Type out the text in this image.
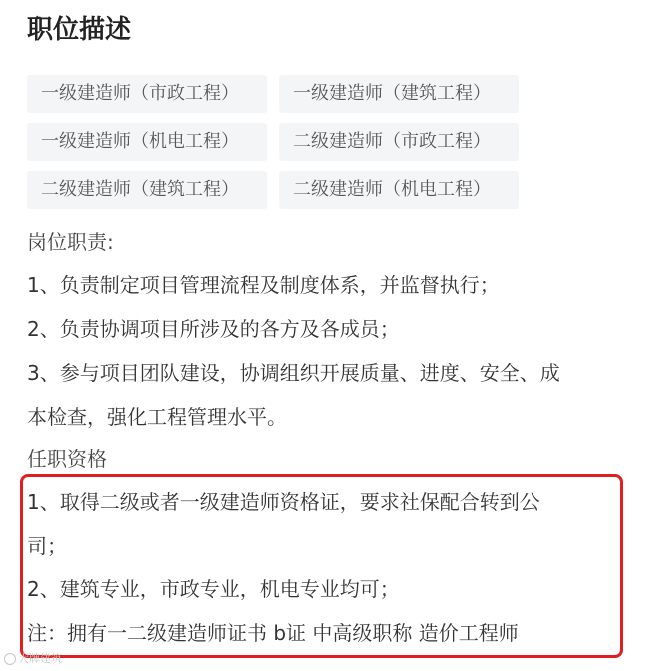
职位描述
一级建造师（市政工程）	一级建造师（建筑工程）
一级建造师（机电工程）	二级建造师（市政工程）
二级建造师（建筑工程）	二级建造师（机电工程）

岗位职责:

1、负责制定项目管理流程及制度体系，并监督执行；

2、负责协调项目所涉及的各方及各成员；

3、参与项目团队建设，协调组织开展质量、进度、安全、成

本检查，强化工程管理水平。

任职资格

1、取得二级或者一级建造师资格证，要求社保配合转到公

司；

2、建筑专业，市政专业，机电专业均可；

注：拥有一二级建造师证书 b证 中高级职称 造价工程师

大牌建筑
